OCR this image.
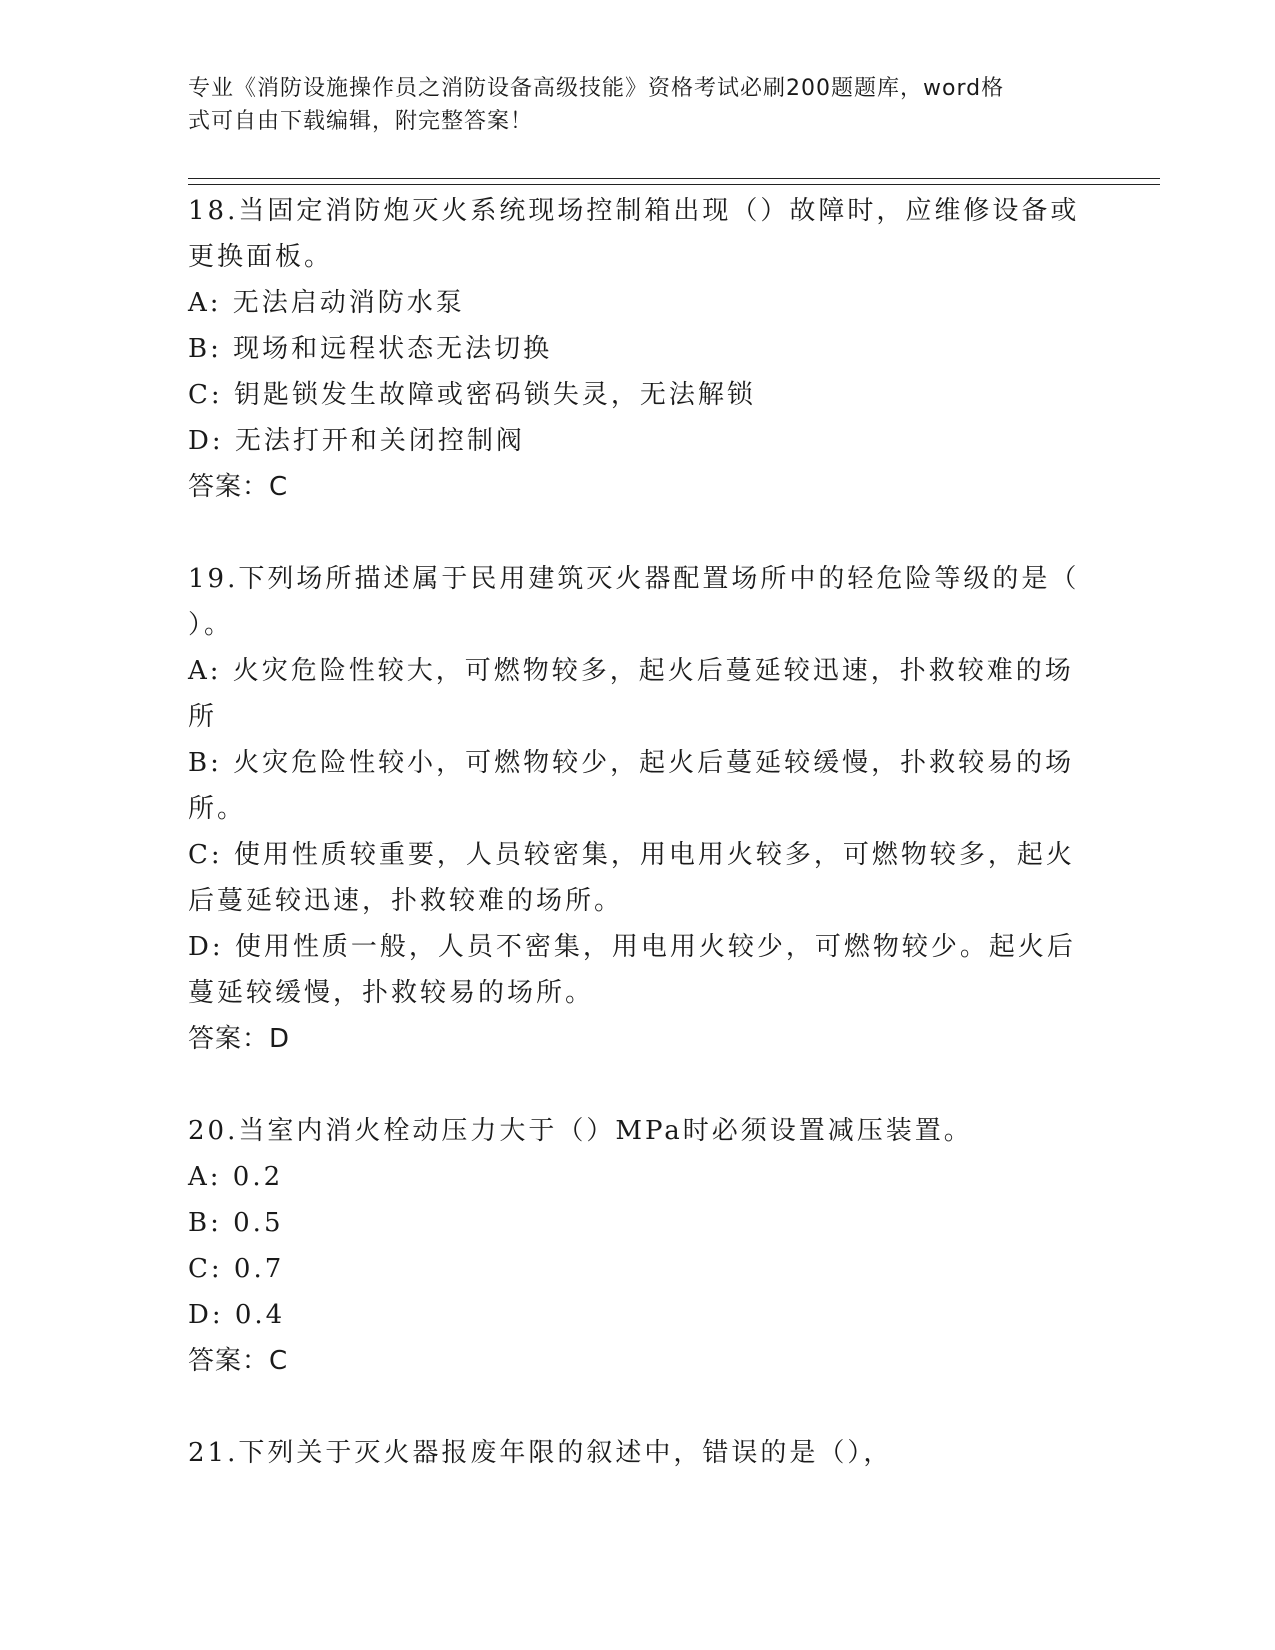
专业《消防设施操作员之消防设备高级技能》资格考试必刷200题题库，word格
式可自由下载编辑，附完整答案！
18.当固定消防炮灭火系统现场控制箱出现（）故障时，应维修设备或
更换面板。
A: 无法启动消防水泵
B: 现场和远程状态无法切换
C: 钥匙锁发生故障或密码锁失灵，无法解锁
D: 无法打开和关闭控制阀
答案：C
19.下列场所描述属于民用建筑灭火器配置场所中的轻危险等级的是（
）。
A: 火灾危险性较大，可燃物较多，起火后蔓延较迅速，扑救较难的场
所
B: 火灾危险性较小，可燃物较少，起火后蔓延较缓慢，扑救较易的场
所。
C: 使用性质较重要，人员较密集，用电用火较多，可燃物较多，起火
后蔓延较迅速，扑救较难的场所。
D: 使用性质一般，人员不密集，用电用火较少，可燃物较少。起火后
蔓延较缓慢，扑救较易的场所。
答案：D
20.当室内消火栓动压力大于（）MPa时必须设置减压装置。
A: 0.2
B: 0.5
C: 0.7
D: 0.4
答案：C
21.下列关于灭火器报废年限的叙述中，错误的是（），
